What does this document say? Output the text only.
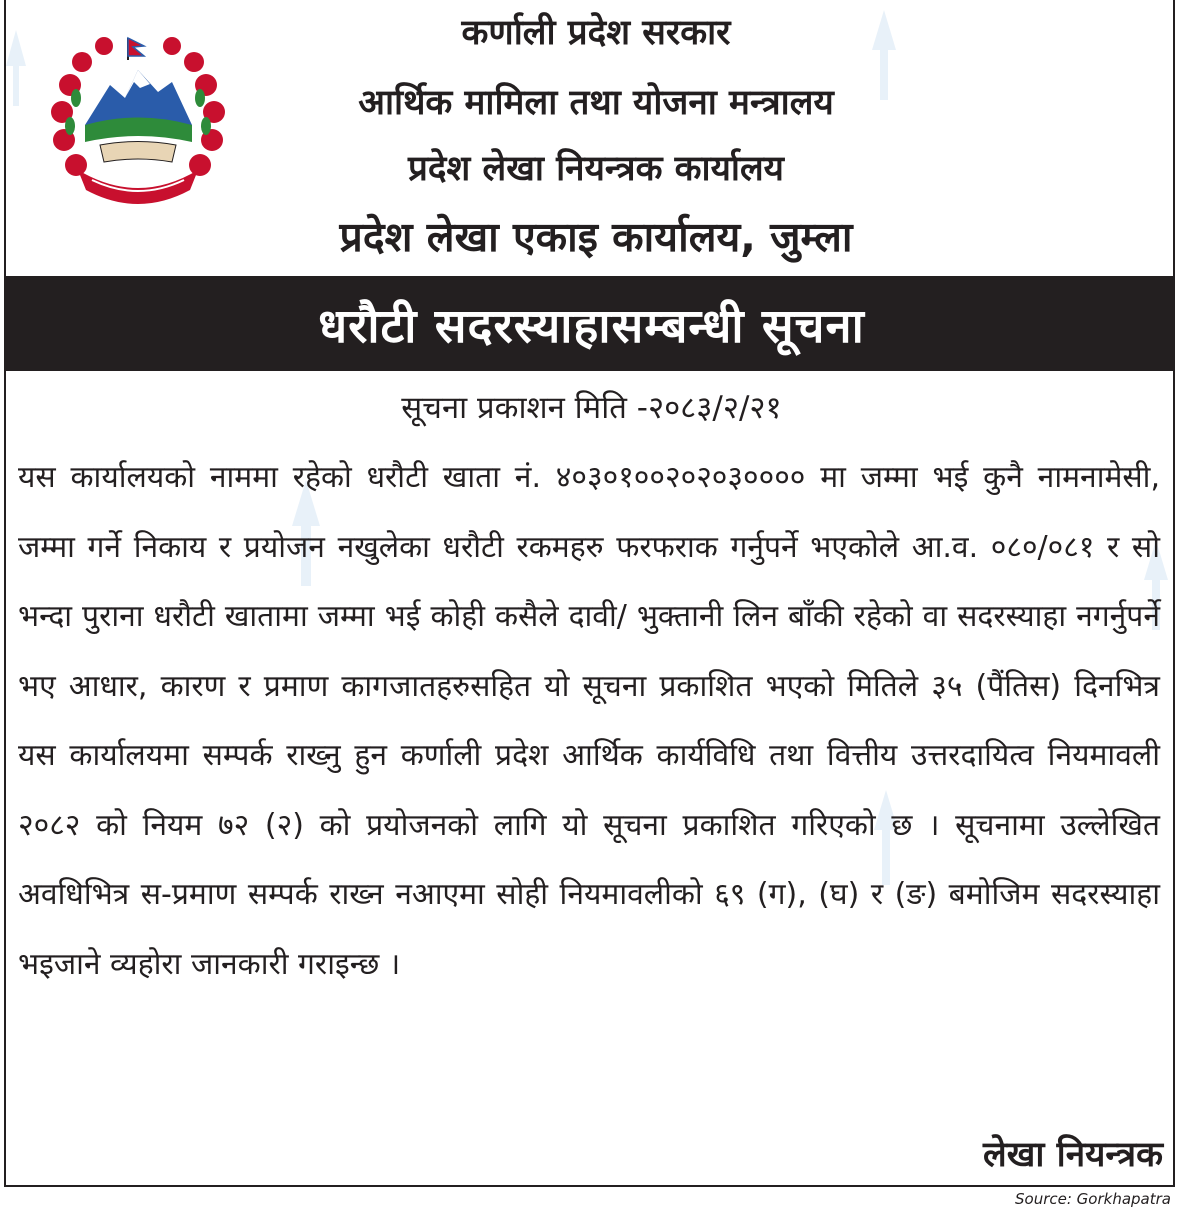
कर्णाली प्रदेश सरकार
आर्थिक मामिला तथा योजना मन्त्रालय
प्रदेश लेखा नियन्त्रक कार्यालय
प्रदेश लेखा एकाइ कार्यालय, जुम्ला
धरौटी सदरस्याहासम्बन्धी सूचना
सूचना प्रकाशन मिति -२०८३/२/२१

यस कार्यालयको नाममा रहेको धरौटी खाता नं. ४०३०१००२०२०३०००० मा जम्मा भई कुनै नामनामेसी, जम्मा गर्ने निकाय र प्रयोजन नखुलेका धरौटी रकमहरु फरफराक गर्नुपर्ने भएकोले आ.व. ०८०/०८१ र सो भन्दा पुराना धरौटी खातामा जम्मा भई कोही कसैले दावी/ भुक्तानी लिन बाँकी रहेको वा सदरस्याहा नगर्नुपर्ने भए आधार, कारण र प्रमाण कागजातहरुसहित यो सूचना प्रकाशित भएको मितिले ३५ (पैंतिस) दिनभित्र यस कार्यालयमा सम्पर्क राख्नु हुन कर्णाली प्रदेश आर्थिक कार्यविधि तथा वित्तीय उत्तरदायित्व नियमावली २०८२ को नियम ७२ (२) को प्रयोजनको लागि यो सूचना प्रकाशित गरिएको छ । सूचनामा उल्लेखित अवधिभित्र स-प्रमाण सम्पर्क राख्न नआएमा सोही नियमावलीको ६९ (ग), (घ) र (ङ) बमोजिम सदरस्याहा भइजाने व्यहोरा जानकारी गराइन्छ ।

लेखा नियन्त्रक
Source: Gorkhapatra
